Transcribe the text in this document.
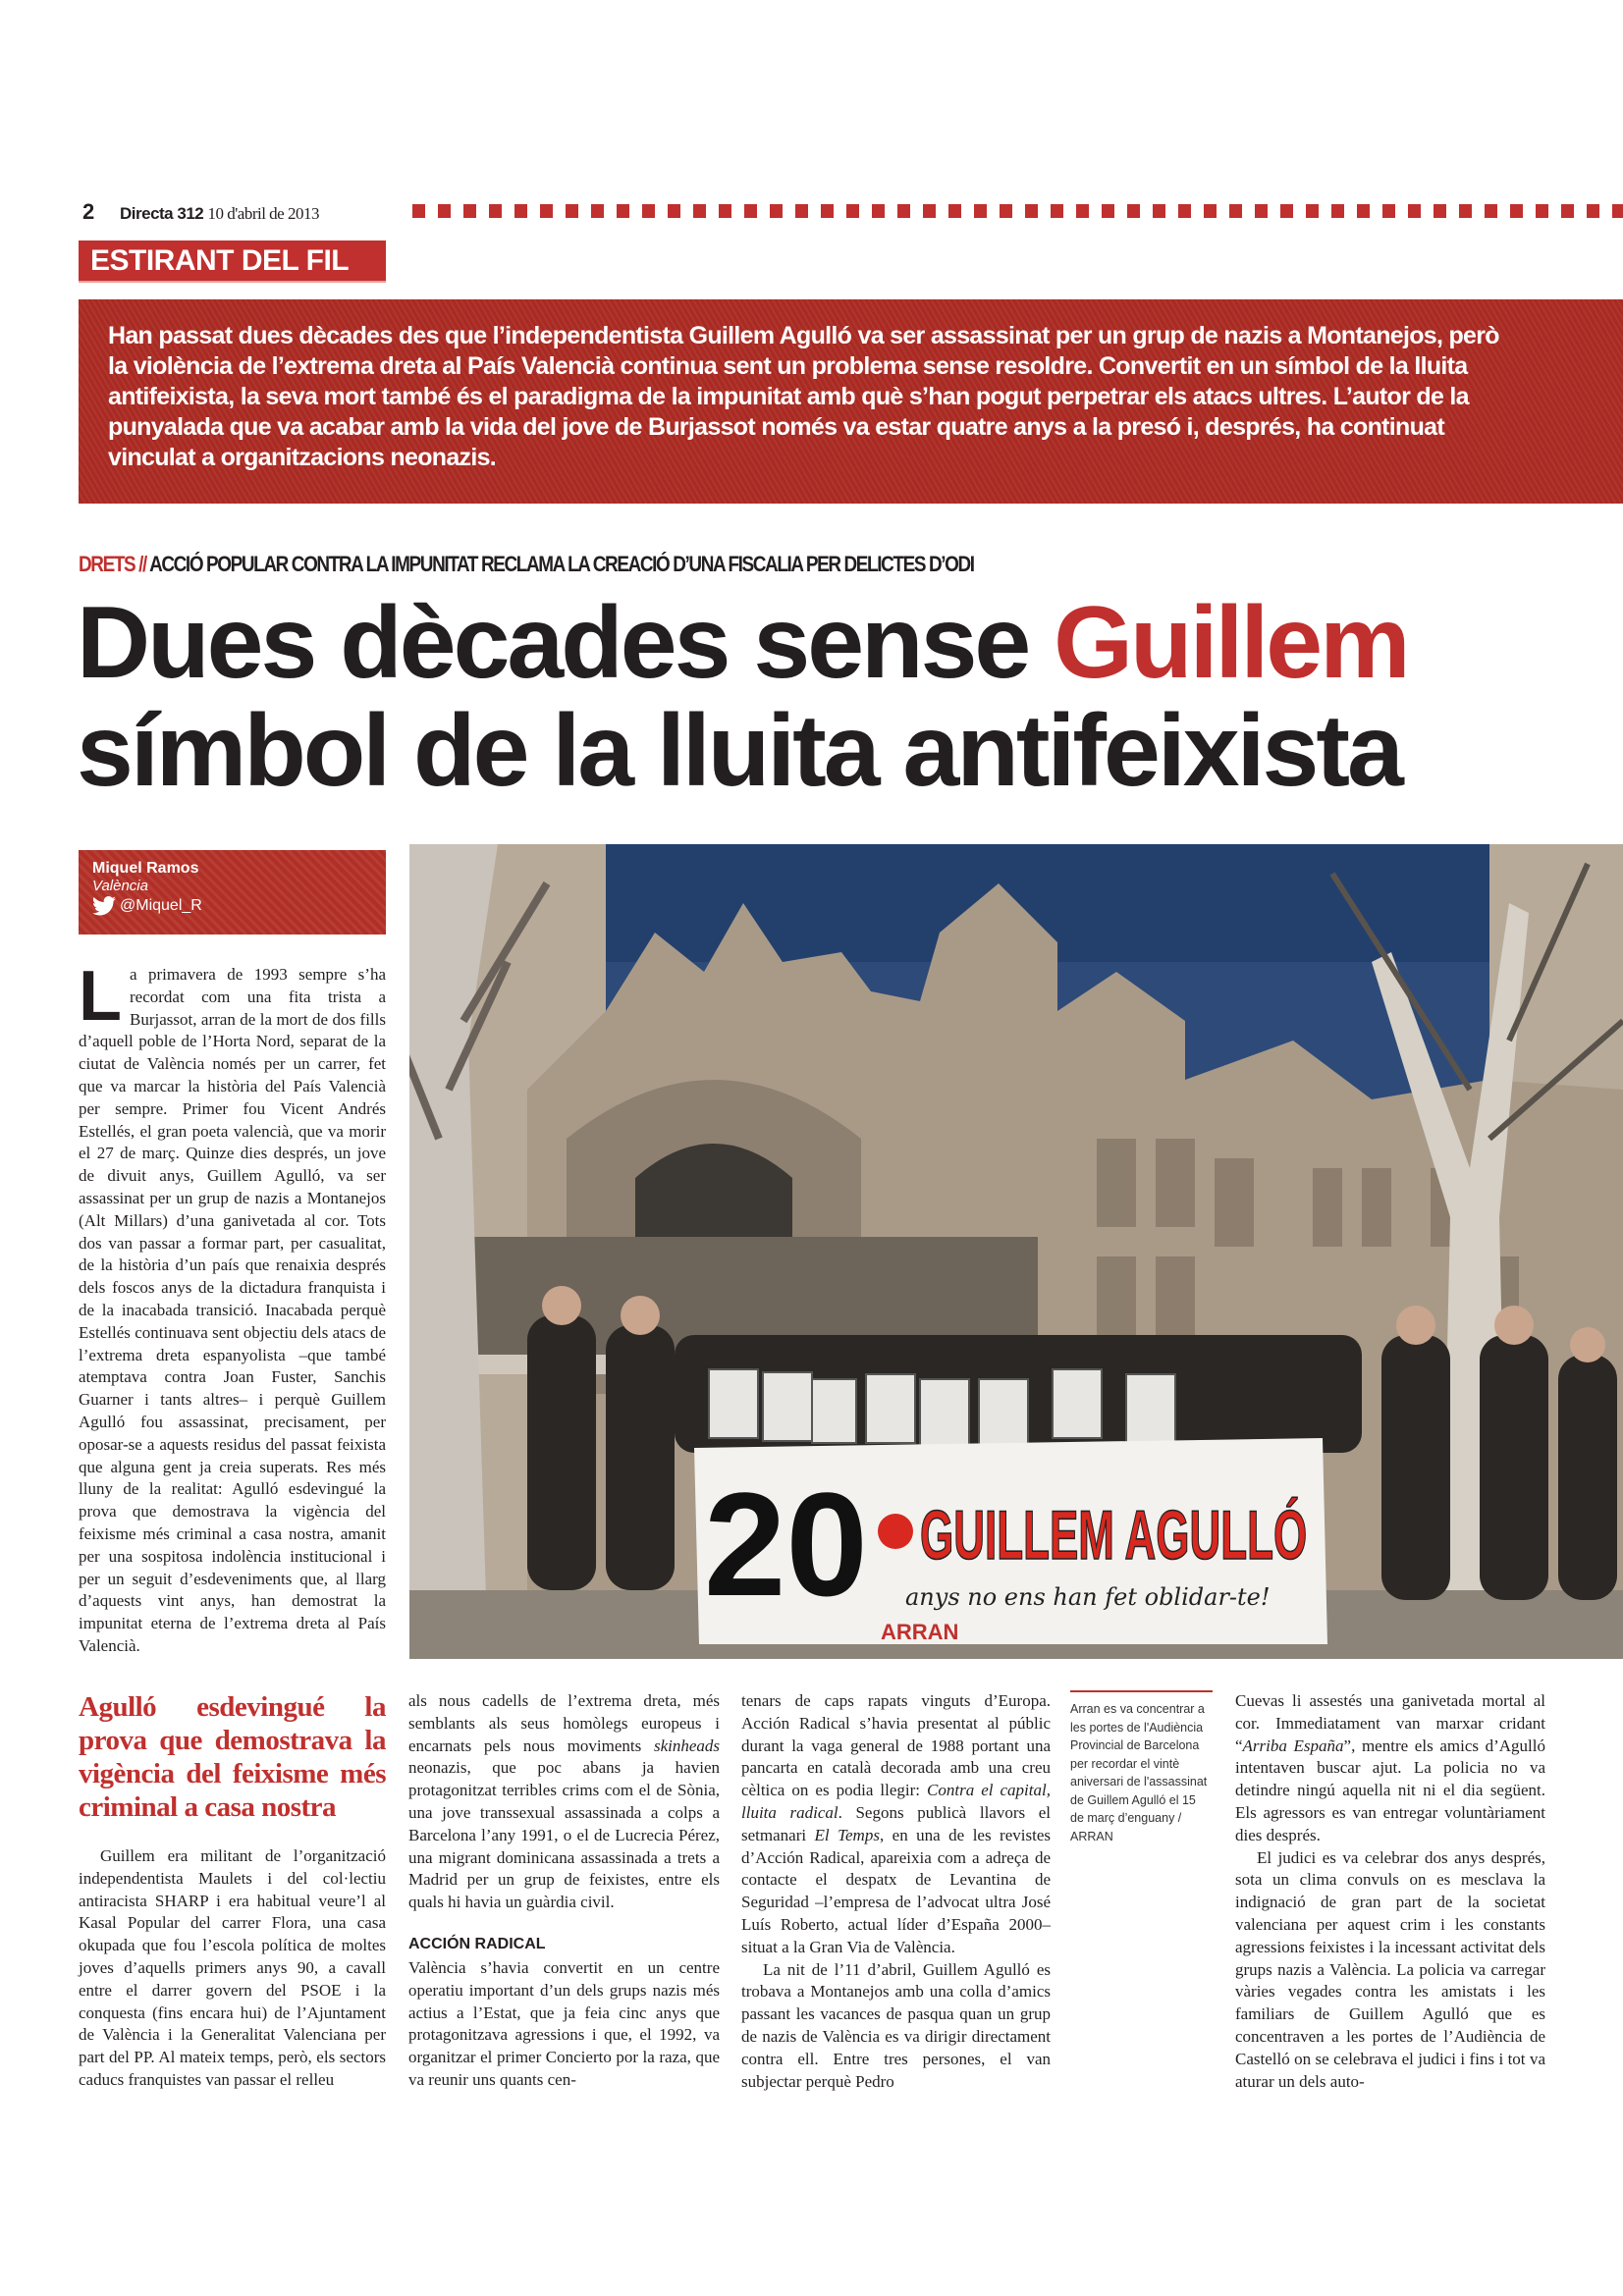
2 Directa 312 10 d'abril de 2013
ESTIRANT DEL FIL
Han passat dues dècades des que l’independentista Guillem Agulló va ser assassinat per un grup de nazis a Montanejos, però la violència de l’extrema dreta al País Valencià continua sent un problema sense resoldre. Convertit en un símbol de la lluita antifeixista, la seva mort també és el paradigma de la impunitat amb què s’han pogut perpetrar els atacs ultres. L’autor de la punyalada que va acabar amb la vida del jove de Burjassot només va estar quatre anys a la presó i, després, ha continuat vinculat a organitzacions neonazis.
DRETS // ACCIÓ POPULAR CONTRA LA IMPUNITAT RECLAMA LA CREACIÓ D’UNA FISCALIA PER DELICTES D’ODI
Dues dècades sense Guillem
símbol de la lluita antifeixista
Miquel Ramos
València
@Miquel_R

La primavera de 1993 sempre s’ha recordat com una fita trista a Burjassot, arran de la mort de dos fills d’aquell poble de l’Horta Nord, separat de la ciutat de València només per un carrer, fet que va marcar la història del País Valencià per sempre. Primer fou Vicent Andrés Estellés, el gran poeta valencià, que va morir el 27 de març. Quinze dies després, un jove de divuit anys, Guillem Agulló, va ser assassinat per un grup de nazis a Montanejos (Alt Millars) d’una ganivetada al cor. Tots dos van passar a formar part, per casualitat, de la història d’un país que renaixia després dels foscos anys de la dictadura franquista i de la inacabada transició. Inacabada perquè Estellés continuava sent objectiu dels atacs de l’extrema dreta espanyolista –que també atemptava contra Joan Fuster, Sanchis Guarner i tants altres– i perquè Guillem Agulló fou assassinat, precisament, per oposar-se a aquests residus del passat feixista que alguna gent ja creia superats. Res més lluny de la realitat: Agulló esdevingué la prova que demostrava la vigència del feixisme més criminal a casa nostra, amanit per una sospitosa indolència institucional i per un seguit d’esdeveniments que, al llarg d’aquests vint anys, han demostrat la impunitat eterna de l’extrema dreta al País Valencià.

20 GUILLEM AGULLÓ
anys no ens han fet oblidar-te!
ARRAN
Agulló esdevingué la prova que demostrava la vigència del feixisme més criminal a casa nostra

Guillem era militant de l’organització independentista Maulets i del col·lectiu antiracista SHARP i era habitual veure’l al Kasal Popular del carrer Flora, una casa okupada que fou l’escola política de moltes joves d’aquells primers anys 90, a cavall entre el darrer govern del PSOE i la conquesta (fins encara hui) de l’Ajuntament de València i la Generalitat Valenciana per part del PP. Al mateix temps, però, els sectors caducs franquistes van passar el relleu

als nous cadells de l’extrema dreta, més semblants als seus homòlegs europeus i encarnats pels nous moviments skinheads neonazis, que poc abans ja havien protagonitzat terribles crims com el de Sònia, una jove transsexual assassinada a colps a Barcelona l’any 1991, o el de Lucrecia Pérez, una migrant dominicana assassinada a trets a Madrid per un grup de feixistes, entre els quals hi havia un guàrdia civil.

ACCIÓN RADICAL

València s’havia convertit en un centre operatiu important d’un dels grups nazis més actius a l’Estat, que ja feia cinc anys que protagonitzava agressions i que, el 1992, va organitzar el primer Concierto por la raza, que va reunir uns quants cen-

tenars de caps rapats vinguts d’Europa. Acción Radical s’havia presentat al públic durant la vaga general de 1988 portant una pancarta en català decorada amb una creu cèltica on es podia llegir: Contra el capital, lluita radical. Segons publicà llavors el setmanari El Temps, en una de les revistes d’Acción Radical, apareixia com a adreça de contacte el despatx de Levantina de Seguridad –l’empresa de l’advocat ultra José Luís Roberto, actual líder d’España 2000– situat a la Gran Via de València.

La nit de l’11 d’abril, Guillem Agulló es trobava a Montanejos amb una colla d’amics passant les vacances de pasqua quan un grup de nazis de València es va dirigir directament contra ell. Entre tres persones, el van subjectar perquè Pedro

Arran es va concentrar a les portes de l'Audiència Provincial de Barcelona per recordar el vintè aniversari de l'assassinat de Guillem Agulló el 15 de març d’enguany / ARRAN

Cuevas li assestés una ganivetada mortal al cor. Immediatament van marxar cridant “Arriba España”, mentre els amics d’Agulló intentaven buscar ajut. La policia no va detindre ningú aquella nit ni el dia següent. Els agressors es van entregar voluntàriament dies després.

El judici es va celebrar dos anys després, sota un clima convuls on es mesclava la indignació de gran part de la societat valenciana per aquest crim i les constants agressions feixistes i la incessant activitat dels grups nazis a València. La policia va carregar vàries vegades contra les amistats i les familiars de Guillem Agulló que es concentraven a les portes de l’Audiència de Castelló on se celebrava el judici i fins i tot va aturar un dels auto-
